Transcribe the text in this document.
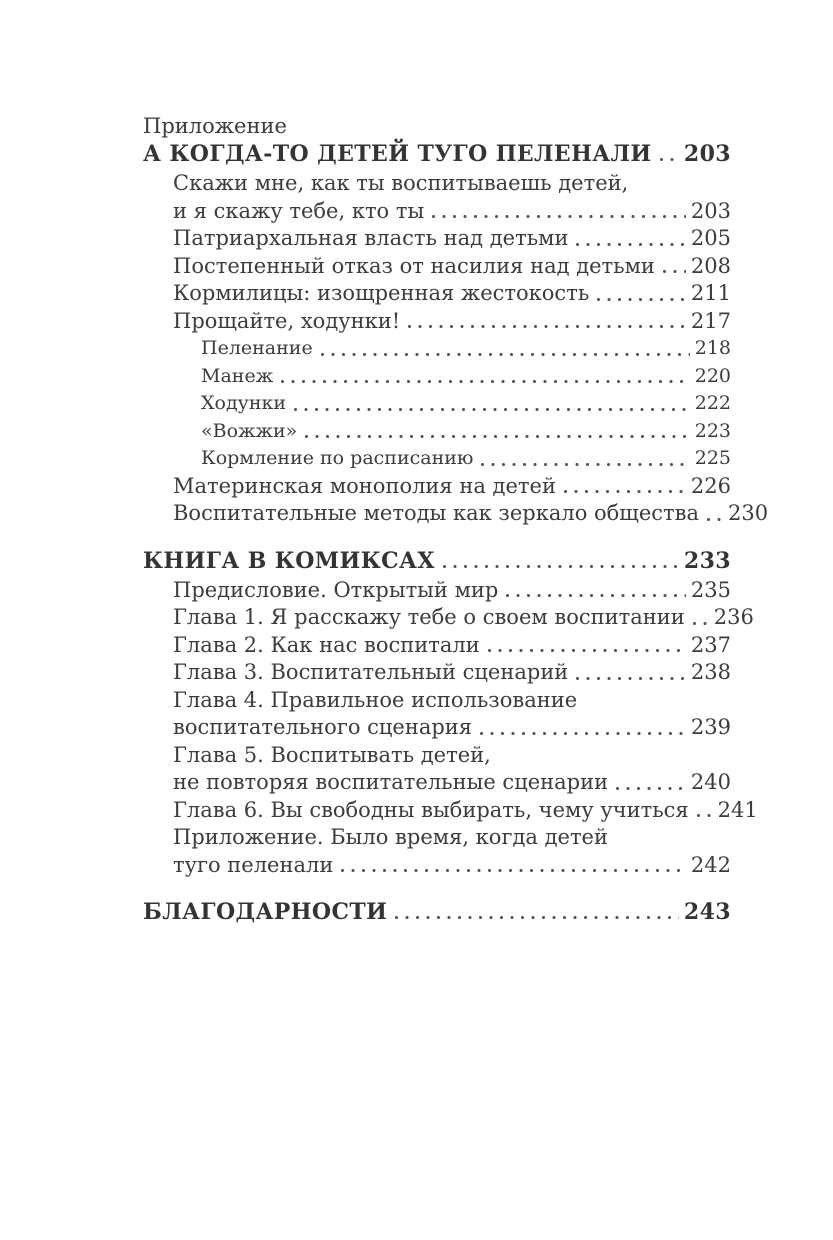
Приложение
А КОГДА-ТО ДЕТЕЙ ТУГО ПЕЛЕНАЛИ 203
Скажи мне, как ты воспитываешь детей,
и я скажу тебе, кто ты	203
Патриархальная власть над детьми	205
Постепенный отказ от насилия над детьми 208
Кормилицы: изощренная жестокость	211
Прощайте, ходунки!	217
Пеленание	218
Манеж	220
Ходунки	222
«Вожжи»	223
Кормление по расписанию	225
Материнская монополия на детей	226
Воспитательные методы как зеркало общества 230
КНИГА В КОМИКСАХ	233
Предисловие. Открытый мир	235
Глава 1. Я расскажу тебе о своем воспитании 236
Глава 2. Как нас воспитали	237
Глава 3. Воспитательный сценарий	238
Глава 4. Правильное использование
воспитательного сценария	239
Глава 5. Воспитывать детей,
не повторяя воспитательные сценарии	240
Глава 6. Вы свободны выбирать, чему учиться 241
Приложение. Было время, когда детей
туго пеленали	242
БЛАГОДАРНОСТИ	243
